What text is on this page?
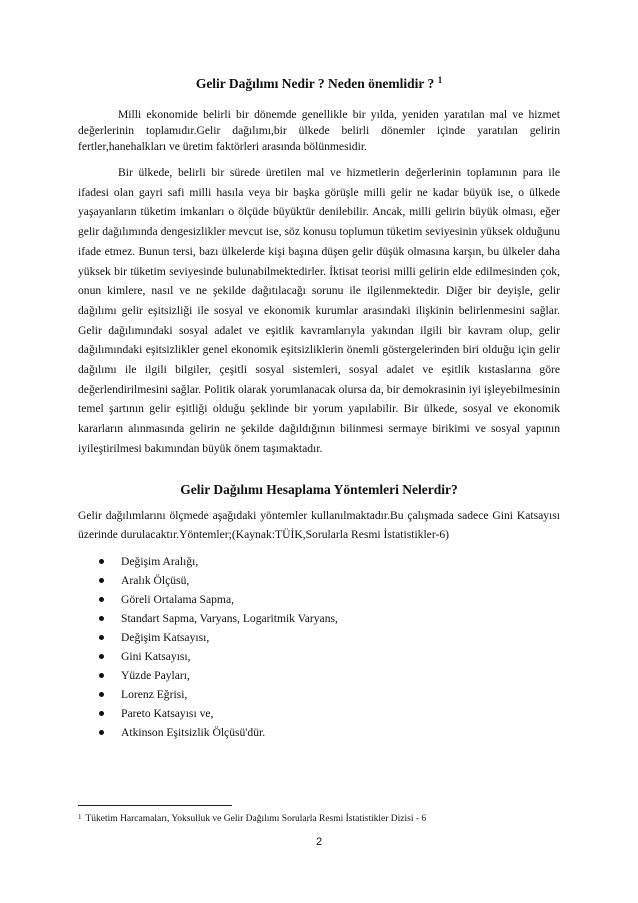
Gelir Dağılımı Nedir ? Neden önemlidir ? $^1$

Milli ekonomide belirli bir dönemde genellikle bir yılda, yeniden yaratılan mal ve hizmet değerlerinin toplamıdır.Gelir dağılımı,bir ülkede belirli dönemler içinde yaratılan gelirin fertler,hanehalkları ve üretim faktörleri arasında bölünmesidir.

Bir ülkede, belirli bir sürede üretilen mal ve hizmetlerin değerlerinin toplamının para ile ifadesi olan gayri safi milli hasıla veya bir başka görüşle milli gelir ne kadar büyük ise, o ülkede yaşayanların tüketim imkanları o ölçüde büyüktür denilebilir. Ancak, milli gelirin büyük olması, eğer gelir dağılımında dengesizlikler mevcut ise, söz konusu toplumun tüketim seviyesinin yüksek olduğunu ifade etmez. Bunun tersi, bazı ülkelerde kişi başına düşen gelir düşük olmasına karşın, bu ülkeler daha yüksek bir tüketim seviyesinde bulunabilmektedirler. İktisat teorisi milli gelirin elde edilmesinden çok, onun kimlere, nasıl ve ne şekilde dağıtılacağı sorunu ile ilgilenmektedir. Diğer bir deyişle, gelir dağılımı gelir eşitsizliği ile sosyal ve ekonomik kurumlar arasındaki ilişkinin belirlenmesini sağlar. Gelir dağılımındaki sosyal adalet ve eşitlik kavramlarıyla yakından ilgili bir kavram olup, gelir dağılımındaki eşitsizlikler genel ekonomik eşitsizliklerin önemli göstergelerinden biri olduğu için gelir dağılımı ile ilgili bilgiler, çeşitli sosyal sistemleri, sosyal adalet ve eşitlik kıstaslarına göre değerlendirilmesini sağlar. Politik olarak yorumlanacak olursa da, bir demokrasinin iyi işleyebilmesinin temel şartının gelir eşitliği olduğu şeklinde bir yorum yapılabilir. Bir ülkede, sosyal ve ekonomik kararların alınmasında gelirin ne şekilde dağıldığının bilinmesi sermaye birikimi ve sosyal yapının iyileştirilmesi bakımından büyük önem taşımaktadır.

Gelir Dağılımı Hesaplama Yöntemleri Nelerdir?

Gelir dağılımlarını ölçmede aşağıdaki yöntemler kullanılmaktadır.Bu çalışmada sadece Gini Katsayısı üzerinde durulacaktır.Yöntemler;(Kaynak:TÜİK,Sorularla Resmi İstatistikler-6)

Değişim Aralığı,
Aralık Ölçüsü,
Göreli Ortalama Sapma,
Standart Sapma, Varyans, Logaritmik Varyans,
Değişim Katsayısı,
Gini Katsayısı,
Yüzde Payları,
Lorenz Eğrisi,
Pareto Katsayısı ve,
Atkinson Eşitsizlik Ölçüsü'dür.
$^1$ Tüketim Harcamaları, Yoksulluk ve Gelir Dağılımı Sorularla Resmi İstatistikler Dizisi - 6
2
